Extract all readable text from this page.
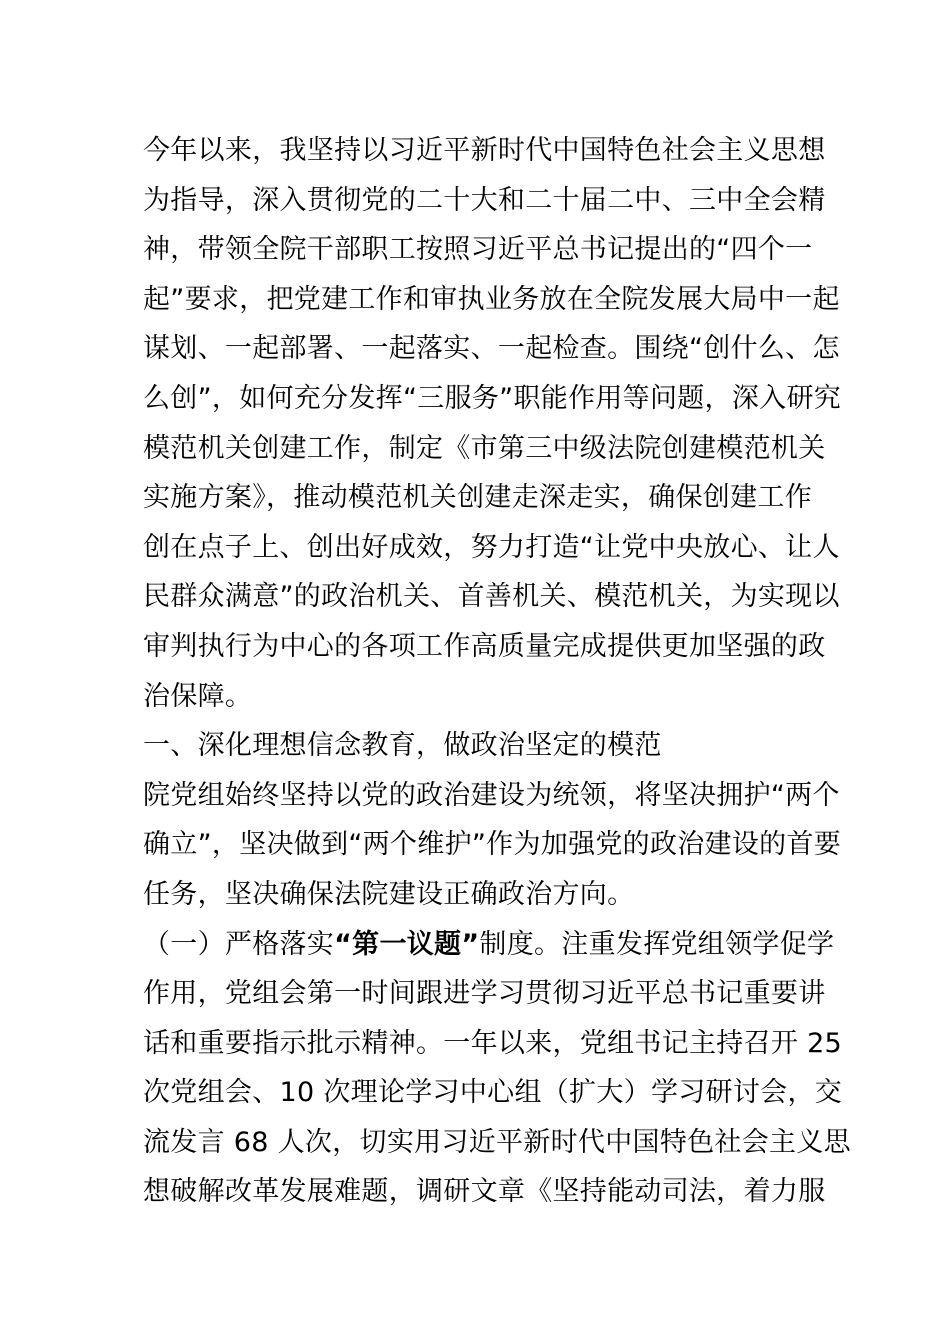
今年以来，我坚持以习近平新时代中国特色社会主义思想
为指导，深入贯彻党的二十大和二十届二中、三中全会精
神，带领全院干部职工按照习近平总书记提出的“四个一
起”要求，把党建工作和审执业务放在全院发展大局中一起
谋划、一起部署、一起落实、一起检查。围绕“创什么、怎
么创”，如何充分发挥“三服务”职能作用等问题，深入研究
模范机关创建工作，制定《市第三中级法院创建模范机关
实施方案》，推动模范机关创建走深走实，确保创建工作
创在点子上、创出好成效，努力打造“让党中央放心、让人
民群众满意”的政治机关、首善机关、模范机关，为实现以
审判执行为中心的各项工作高质量完成提供更加坚强的政
治保障。
一、深化理想信念教育，做政治坚定的模范
院党组始终坚持以党的政治建设为统领，将坚决拥护“两个
确立”，坚决做到“两个维护”作为加强党的政治建设的首要
任务，坚决确保法院建设正确政治方向。
（一）严格落实“第一议题”制度。注重发挥党组领学促学
作用，党组会第一时间跟进学习贯彻习近平总书记重要讲
话和重要指示批示精神。一年以来，党组书记主持召开 25
次党组会、10 次理论学习中心组（扩大）学习研讨会，交
流发言 68 人次，切实用习近平新时代中国特色社会主义思
想破解改革发展难题，调研文章《坚持能动司法，着力服
